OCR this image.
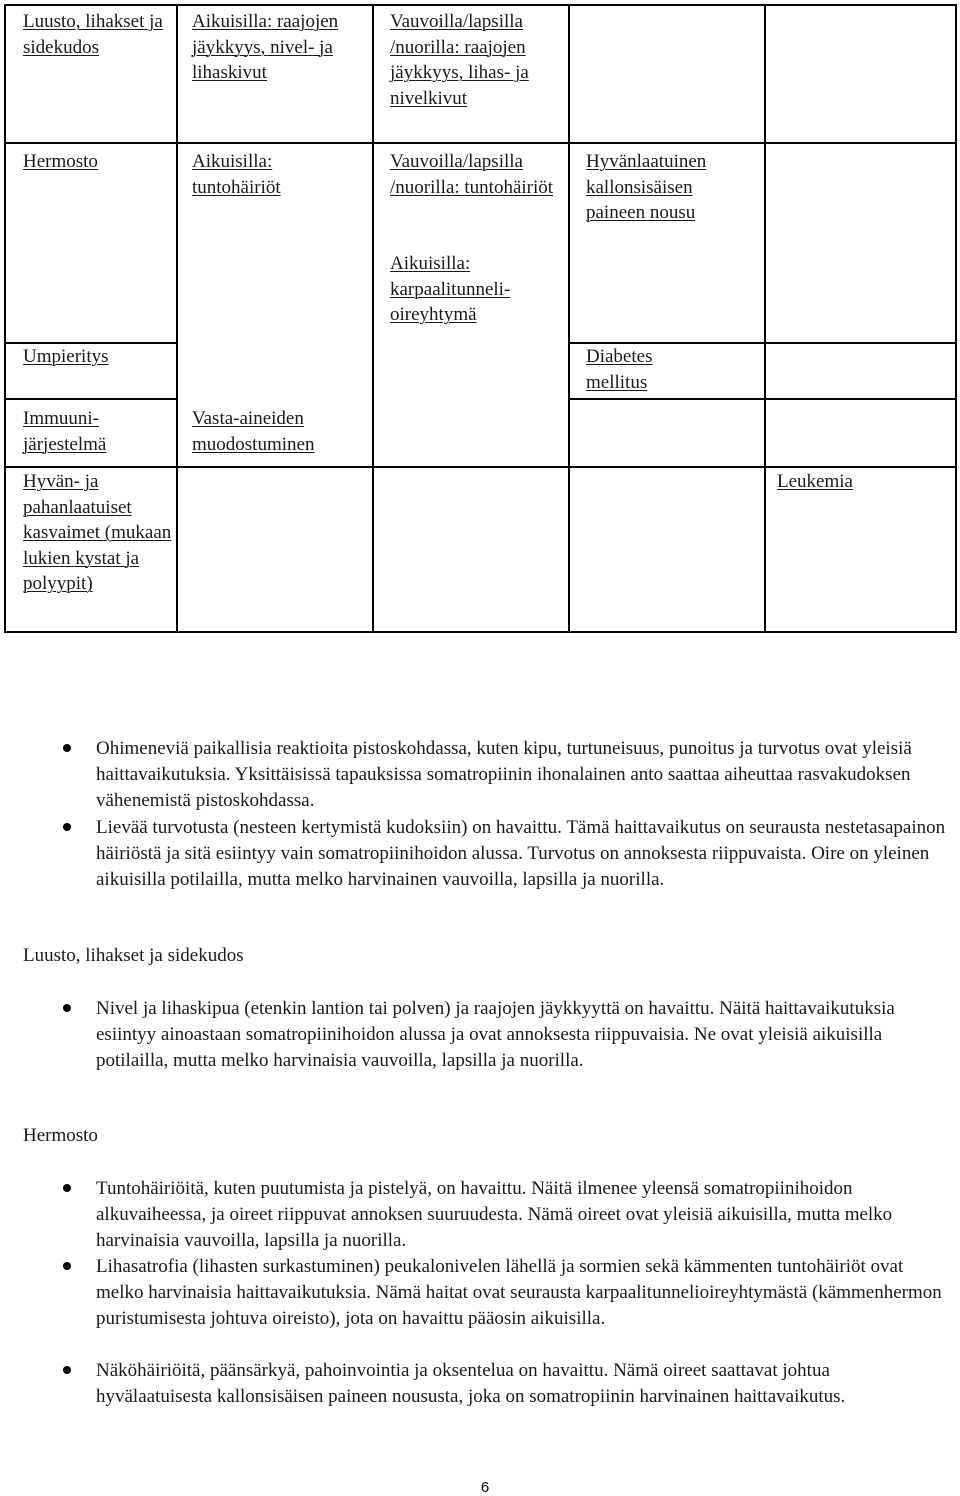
Luusto, lihakset ja sidekudos
Aikuisilla: raajojen jäykkyys, nivel- ja lihaskivut
Vauvoilla/lapsilla /nuorilla: raajojen jäykkyys, lihas- ja nivelkivut
Hermosto	Aikuisilla: tuntohäiriöt
Vauvoilla/lapsilla /nuorilla: tuntohäiriöt
Aikuisilla: karpaalitunneli-oireyhtymä
Hyvänlaatuinen kallonsisäisen paineen nousu
Umpieritys	Diabetes mellitus
Immuuni-järjestelmä
Vasta-aineiden muodostuminen
Hyvän- ja pahanlaatuiset kasvaimet (mukaan lukien kystat ja polyypit)
Leukemia
Ohimeneviä paikallisia reaktioita pistoskohdassa, kuten kipu, turtuneisuus, punoitus ja turvotus ovat yleisiä haittavaikutuksia. Yksittäisissä tapauksissa somatropiinin ihonalainen anto saattaa aiheuttaa rasvakudoksen vähenemistä pistoskohdassa.
Lievää turvotusta (nesteen kertymistä kudoksiin) on havaittu. Tämä haittavaikutus on seurausta nestetasapainon häiriöstä ja sitä esiintyy vain somatropiinihoidon alussa. Turvotus on annoksesta riippuvaista. Oire on yleinen aikuisilla potilailla, mutta melko harvinainen vauvoilla, lapsilla ja nuorilla.
Luusto, lihakset ja sidekudos
Nivel ja lihaskipua (etenkin lantion tai polven) ja raajojen jäykkyyttä on havaittu. Näitä haittavaikutuksia esiintyy ainoastaan somatropiinihoidon alussa ja ovat annoksesta riippuvaisia. Ne ovat yleisiä aikuisilla potilailla, mutta melko harvinaisia vauvoilla, lapsilla ja nuorilla.
Hermosto
Tuntohäiriöitä, kuten puutumista ja pistelyä, on havaittu. Näitä ilmenee yleensä somatropiinihoidon alkuvaiheessa, ja oireet riippuvat annoksen suuruudesta. Nämä oireet ovat yleisiä aikuisilla, mutta melko harvinaisia vauvoilla, lapsilla ja nuorilla.
Lihasatrofia (lihasten surkastuminen) peukalonivelen lähellä ja sormien sekä kämmenten tuntohäiriöt ovat melko harvinaisia haittavaikutuksia. Nämä haitat ovat seurausta karpaalitunnelioireyhtymästä (kämmenhermon puristumisesta johtuva oireisto), jota on havaittu pääosin aikuisilla.
Näköhäiriöitä, päänsärkyä, pahoinvointia ja oksentelua on havaittu. Nämä oireet saattavat johtua hyvälaatuisesta kallonsisäisen paineen noususta, joka on somatropiinin harvinainen haittavaikutus.
6
